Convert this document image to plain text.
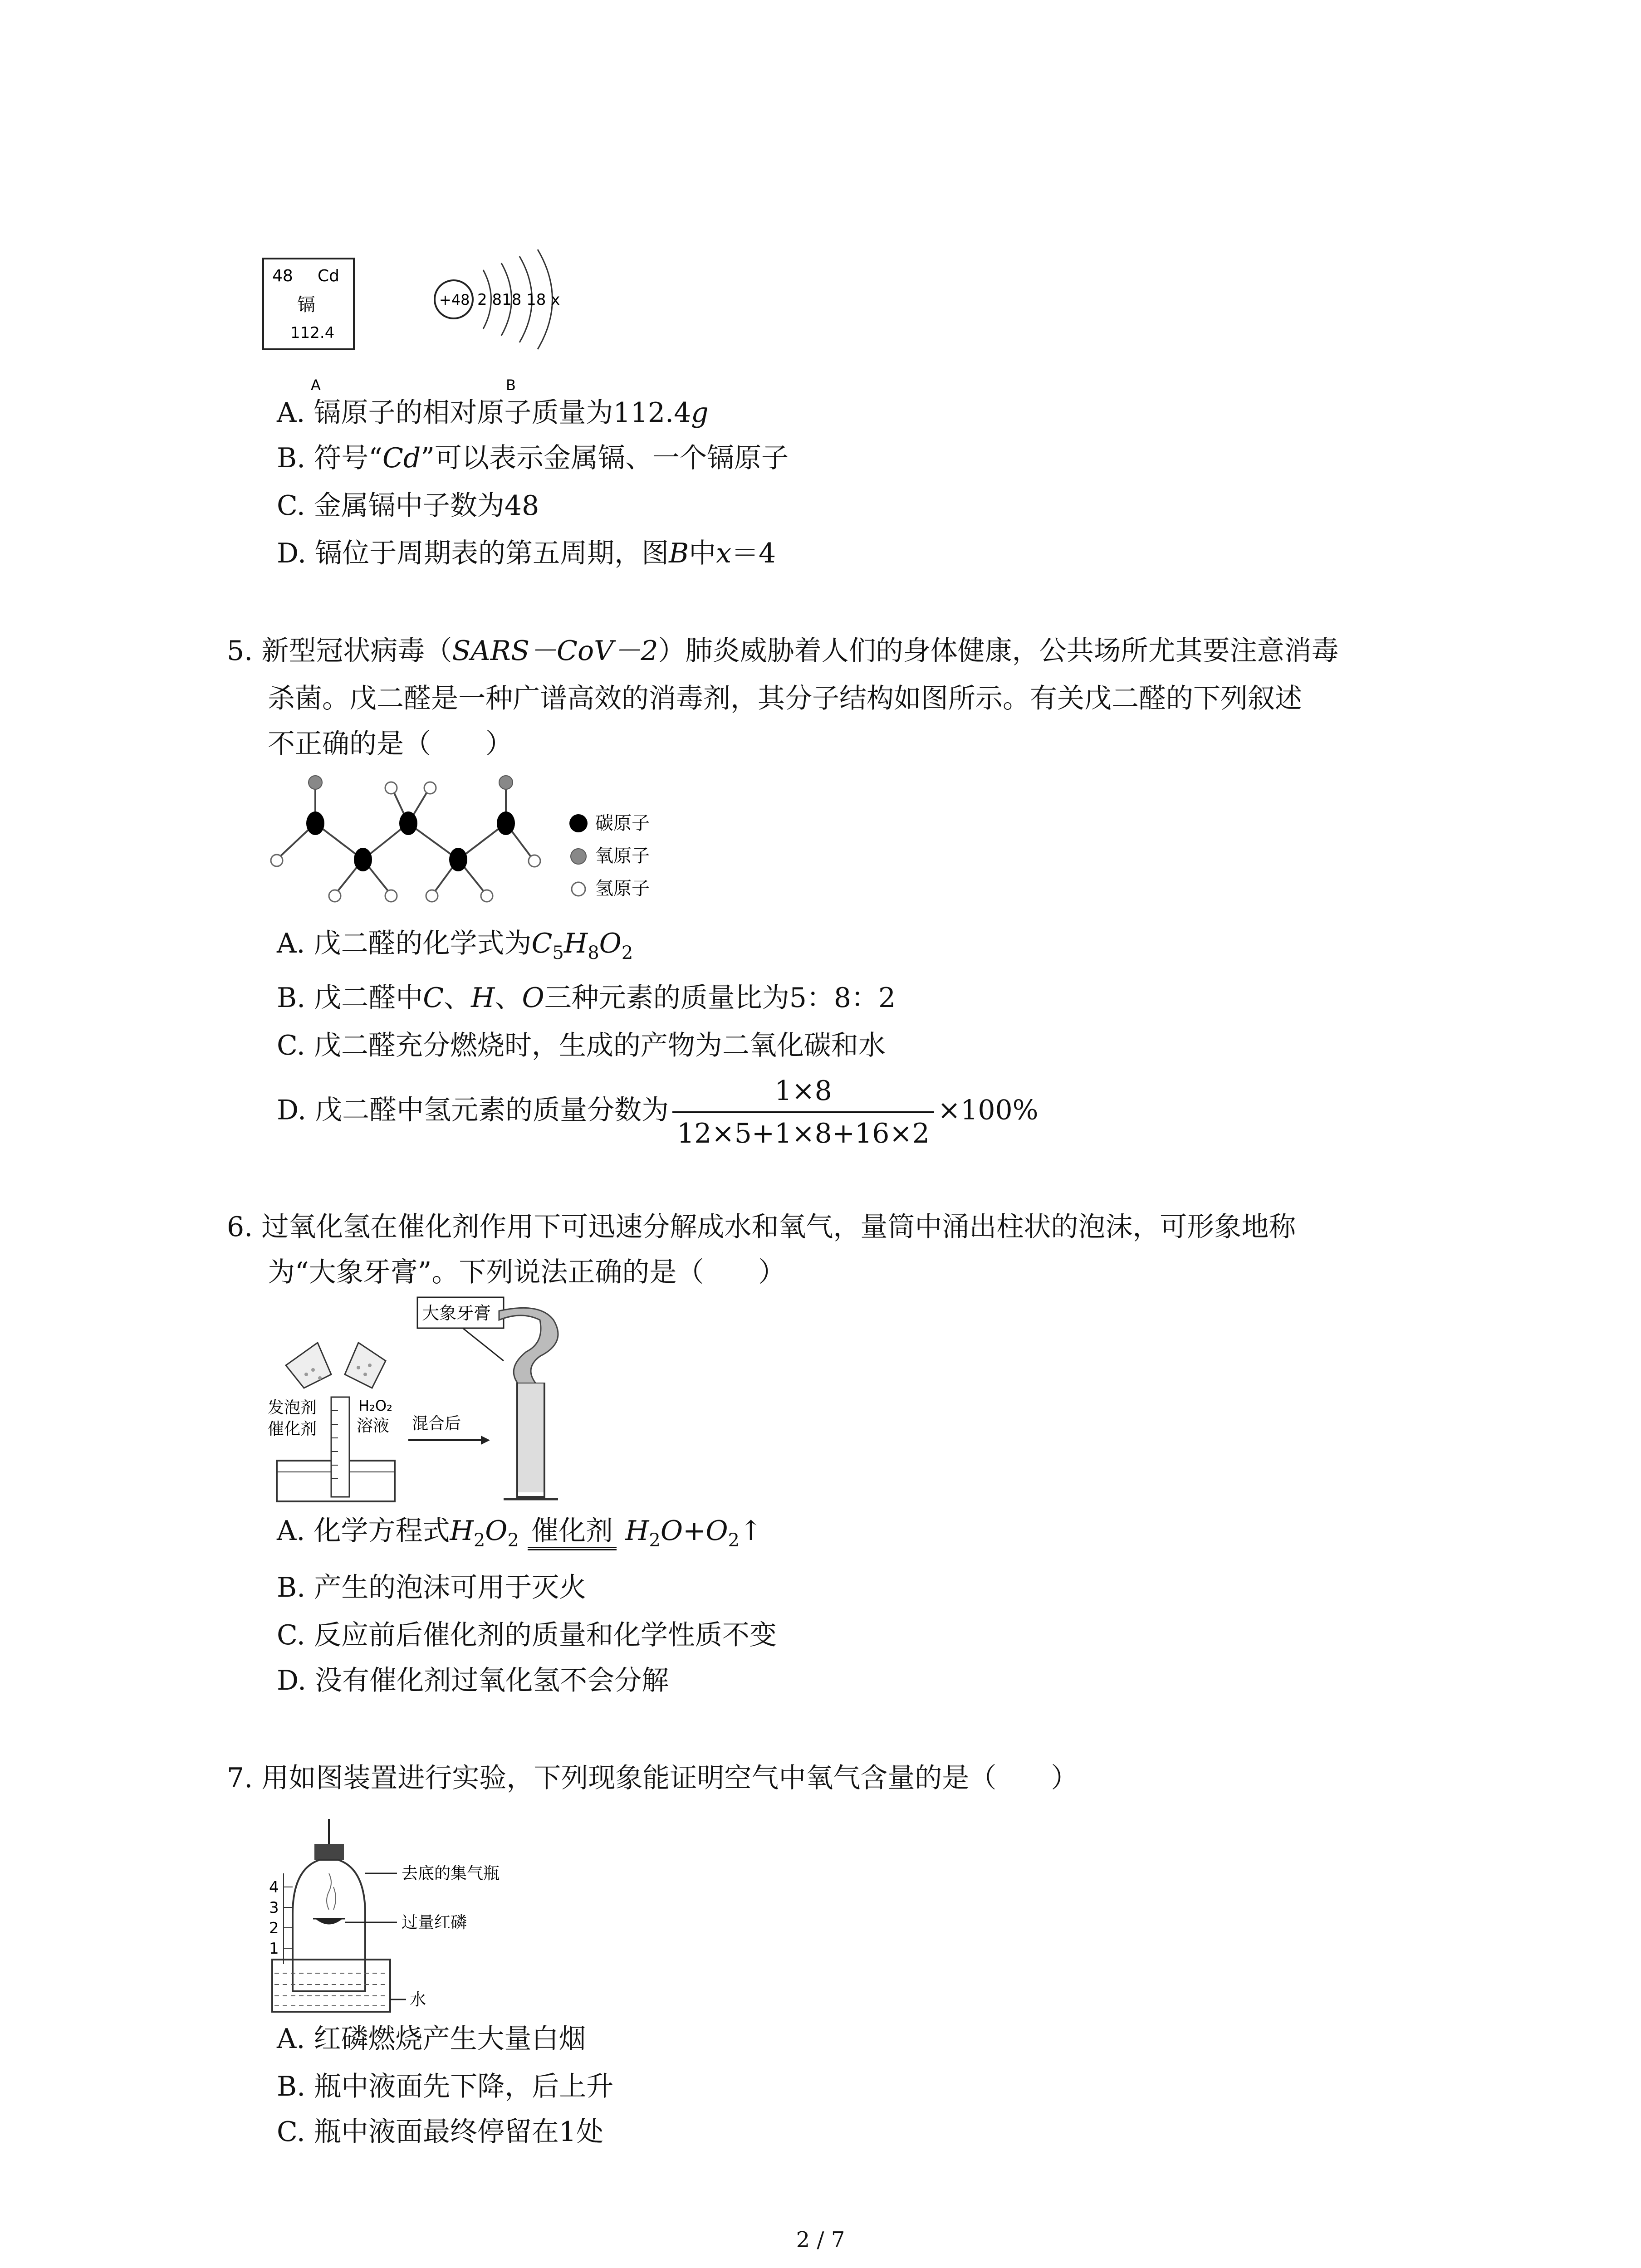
48 Cd
镉
112.4
A
+48 2 818 18 x
B
A. 镉原子的相对原子质量为112.4g
B. 符号“Cd”可以表示金属镉、一个镉原子
C. 金属镉中子数为48
D. 镉位于周期表的第五周期，图B中x＝4
5. 新型冠状病毒（SARS－CoV－2）肺炎威胁着人们的身体健康，公共场所尤其要注意消毒
杀菌。戊二醛是一种广谱高效的消毒剂，其分子结构如图所示。有关戊二醛的下列叙述
不正确的是（　　）
碳原子
氧原子
氢原子
A. 戊二醛的化学式为$C_5H_8O_2$
B. 戊二醛中C、H、O三种元素的质量比为5：8：2
C. 戊二醛充分燃烧时，生成的产物为二氧化碳和水
D. 戊二醛中氢元素的质量分数为 $\frac{1\times 8}{12\times 5+1\times 8+16\times 2} \times 100\%$
6. 过氧化氢在催化剂作用下可迅速分解成水和氧气，量筒中涌出柱状的泡沫，可形象地称
为“大象牙膏”。下列说法正确的是（　　）
大象牙膏
发泡剂
催化剂
H₂O₂
溶液 混合后
A. 化学方程式$H_2O_2$ 催化剂 $H_2O+O_2↑$
B. 产生的泡沫可用于灭火
C. 反应前后催化剂的质量和化学性质不变
D. 没有催化剂过氧化氢不会分解
7. 用如图装置进行实验，下列现象能证明空气中氧气含量的是（　　）
4
3
2
1
去底的集气瓶
过量红磷
水
A. 红磷燃烧产生大量白烟
B. 瓶中液面先下降，后上升
C. 瓶中液面最终停留在1处
2 / 7
